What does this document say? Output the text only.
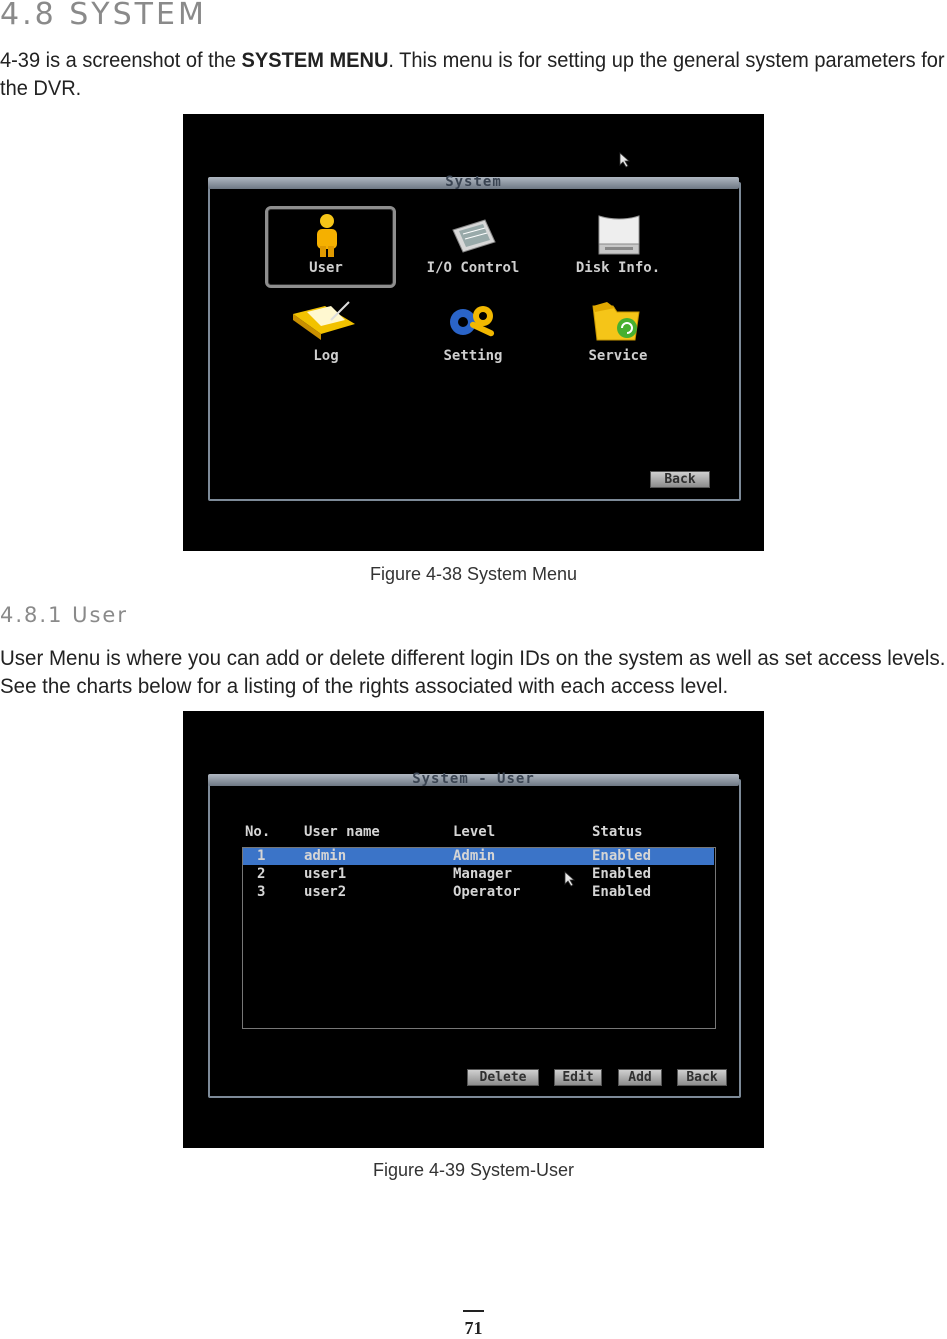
4.8 SYSTEM
4-39 is a screenshot of the SYSTEM MENU. This menu is for setting up the general system parameters for
the DVR.
System
User	I/O Control	Disk Info.
Log	Setting	Service
Back
Figure 4-38 System Menu
4.8.1 User
User Menu is where you can add or delete different login IDs on the system as well as set access levels.
See the charts below for a listing of the rights associated with each access level.
System - User
No. User name	Level	Status
1	admin	Admin	Enabled
2	user1	Manager	Enabled
3	user2	Operator	Enabled
Delete	Edit	Add	Back
Figure 4-39 System-User
71
